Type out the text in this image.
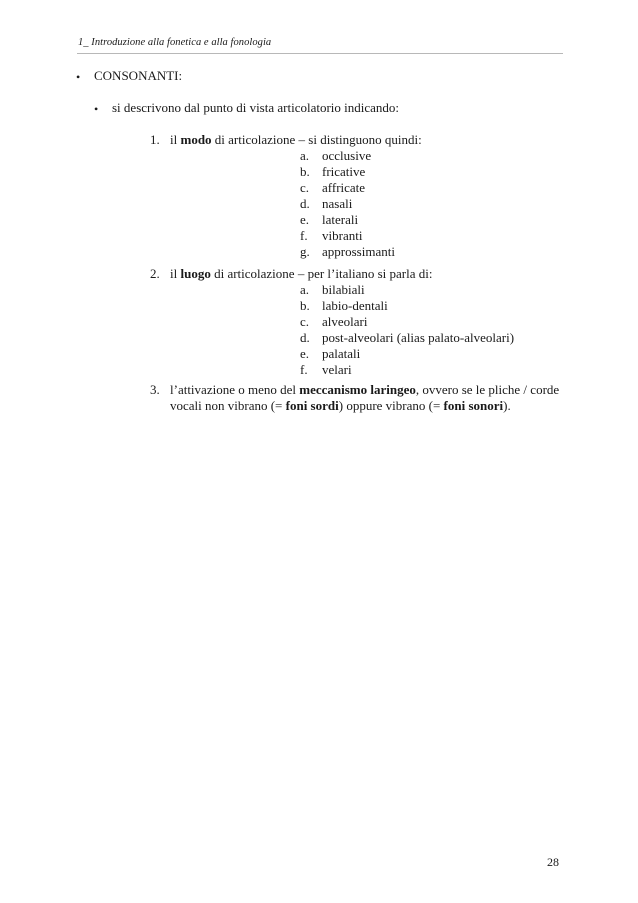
1_ Introduzione alla fonetica e alla fonologia
• CONSONANTI:
• si descrivono dal punto di vista articolatorio indicando:
1. il modo di articolazione – si distinguono quindi:
a. occlusive
b. fricative
c. affricate
d. nasali
e. laterali
f.	vibranti
g. approssimanti
2. il luogo di articolazione – per l’italiano si parla di:
a. bilabiali
b. labio-dentali
c. alveolari
d. post-alveolari (alias palato-alveolari)
e. palatali
f.	velari
3. l’attivazione o meno del meccanismo laringeo, ovvero se le pliche / corde
vocali non vibrano (= foni sordi) oppure vibrano (= foni sonori).
28
